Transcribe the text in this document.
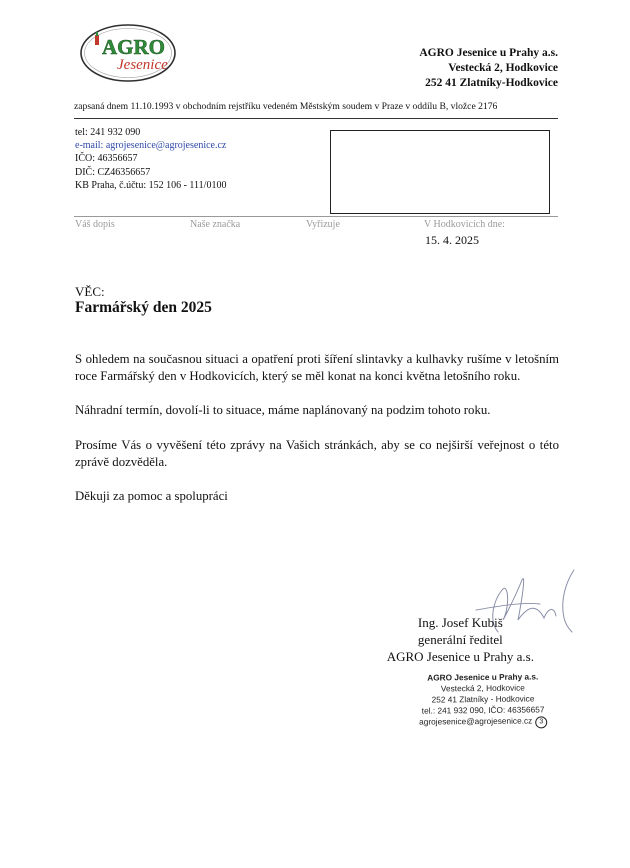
AGRO
Jesenice
AGRO Jesenice u Prahy a.s.
Vestecká 2, Hodkovice
252 41 Zlatníky-Hodkovice
zapsaná dnem 11.10.1993 v obchodním rejstříku vedeném Městským soudem v Praze v oddílu B, vložce 2176
tel: 241 932 090
e-mail: agrojesenice@agrojesenice.cz
IČO: 46356657
DIČ: CZ46356657
KB Praha, č.účtu: 152 106 - 111/0100
Váš dopis	Naše značka	Vyřizuje	V Hodkovicích dne:
15. 4. 2025
VĚC:
Farmářský den 2025

S ohledem na současnou situaci a opatření proti šíření slintavky a kulhavky rušíme v letošním roce Farmářský den v Hodkovicích, který se měl konat na konci května letošního roku.

Náhradní termín, dovolí-li to situace, máme naplánovaný na podzim tohoto roku.

Prosíme Vás o vyvěšení této zprávy na Vašich stránkách, aby se co nejširší veřejnost o této zprávě dozvěděla.

Děkuji za pomoc a spolupráci

Ing. Josef Kubiš
generální ředitel
AGRO Jesenice u Prahy a.s.
AGRO Jesenice u Prahy a.s.
Vestecká 2, Hodkovice
252 41 Zlatníky - Hodkovice
tel.: 241 932 090, IČO: 46356657
agrojesenice@agrojesenice.cz 3
